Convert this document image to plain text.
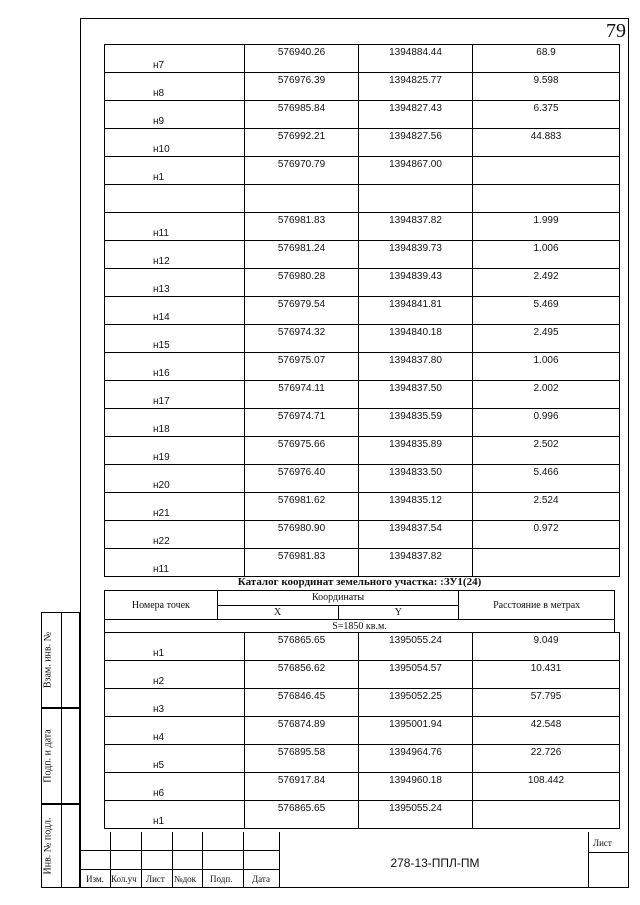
79
Взам. инв. №
Подп. и дата
Инв. № подл.
н7	576940.26	1394884.44	68.9

н8	576976.39	1394825.77	9.598

н9	576985.84	1394827.43	6.375

н10	576992.21	1394827.56	44.883

н1	576970.79	1394867.00	

н11	576981.83	1394837.82	1.999

н12	576981.24	1394839.73	1.006

н13	576980.28	1394839.43	2.492

н14	576979.54	1394841.81	5.469

н15	576974.32	1394840.18	2.495

н16	576975.07	1394837.80	1.006

н17	576974.11	1394837.50	2.002

н18	576974.71	1394835.59	0.996

н19	576975.66	1394835.89	2.502

н20	576976.40	1394833.50	5.466

н21	576981.62	1394835.12	2.524

н22	576980.90	1394837.54	0.972

н11	576981.83	1394837.82	

Каталог координат земельного участка: :ЗУ1(24)
Номера точек	Координаты		Расстояние в метрах
	X	Y	
S=1850 кв.м.			
н1	576865.65	1395055.24	9.049

н2	576856.62	1395054.57	10.431

н3	576846.45	1395052.25	57.795

н4	576874.89	1395001.94	42.548

н5	576895.58	1394964.76	22.726

н6	576917.84	1394960.18	108.442

н1	576865.65	1395055.24	

Изм. Кол.уч Лист №док Подп. Дата
Лист
278-13-ППЛ-ПМ
